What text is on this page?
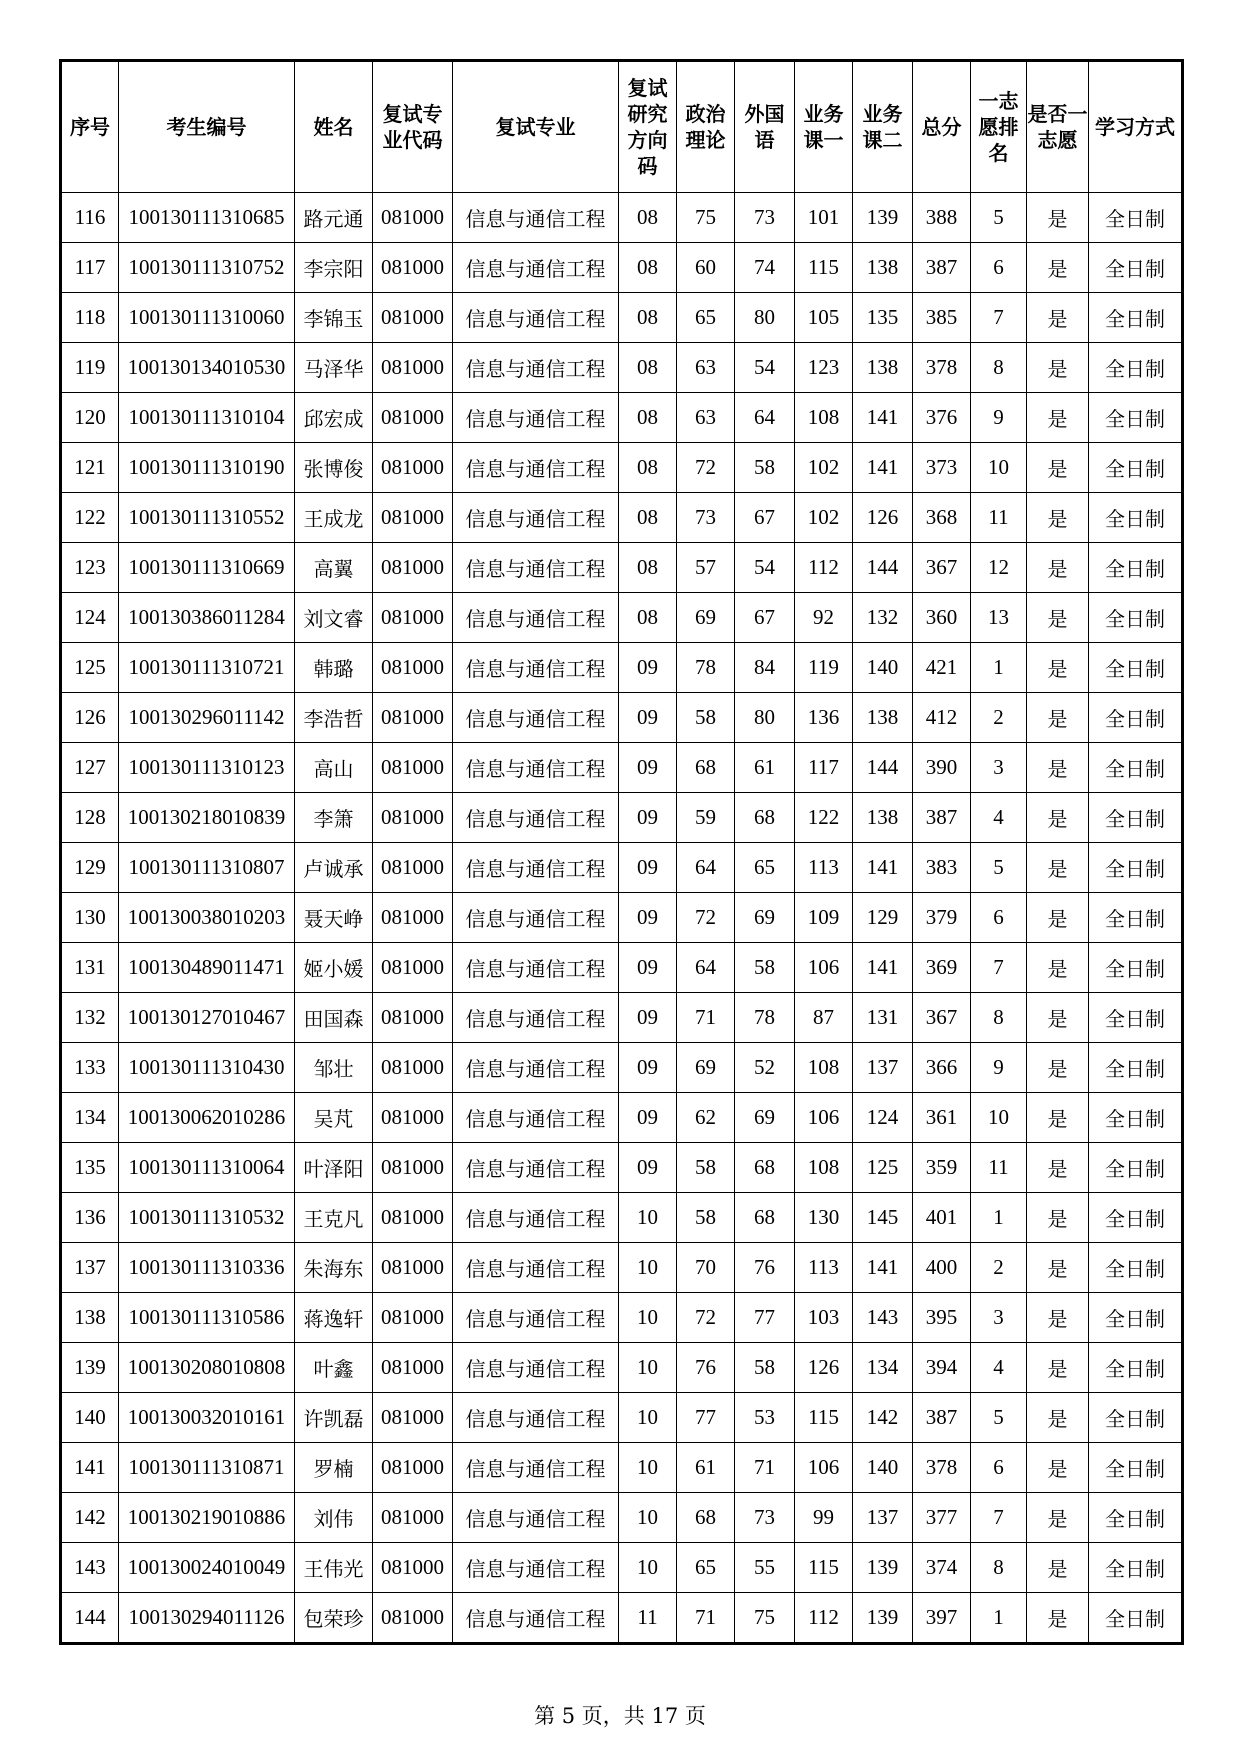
序号	考生编号	姓名	复试专业代码	复试专业	复试研究方向码	政治理论	外国语	业务课一	业务课二	总分	一志愿排名	是否一志愿	学习方式
116	100130111310685	路元通	081000	信息与通信工程	08	75	73	101	139	388	5	是	全日制
117	100130111310752	李宗阳	081000	信息与通信工程	08	60	74	115	138	387	6	是	全日制
118	100130111310060	李锦玉	081000	信息与通信工程	08	65	80	105	135	385	7	是	全日制
119	100130134010530	马泽华	081000	信息与通信工程	08	63	54	123	138	378	8	是	全日制
120	100130111310104	邱宏成	081000	信息与通信工程	08	63	64	108	141	376	9	是	全日制
121	100130111310190	张博俊	081000	信息与通信工程	08	72	58	102	141	373	10	是	全日制
122	100130111310552	王成龙	081000	信息与通信工程	08	73	67	102	126	368	11	是	全日制
123	100130111310669	高翼	081000	信息与通信工程	08	57	54	112	144	367	12	是	全日制
124	100130386011284	刘文睿	081000	信息与通信工程	08	69	67	92	132	360	13	是	全日制
125	100130111310721	韩璐	081000	信息与通信工程	09	78	84	119	140	421	1	是	全日制
126	100130296011142	李浩哲	081000	信息与通信工程	09	58	80	136	138	412	2	是	全日制
127	100130111310123	高山	081000	信息与通信工程	09	68	61	117	144	390	3	是	全日制
128	100130218010839	李箫	081000	信息与通信工程	09	59	68	122	138	387	4	是	全日制
129	100130111310807	卢诚承	081000	信息与通信工程	09	64	65	113	141	383	5	是	全日制
130	100130038010203	聂天峥	081000	信息与通信工程	09	72	69	109	129	379	6	是	全日制
131	100130489011471	姬小媛	081000	信息与通信工程	09	64	58	106	141	369	7	是	全日制
132	100130127010467	田国森	081000	信息与通信工程	09	71	78	87	131	367	8	是	全日制
133	100130111310430	邹壮	081000	信息与通信工程	09	69	52	108	137	366	9	是	全日制
134	100130062010286	吴芃	081000	信息与通信工程	09	62	69	106	124	361	10	是	全日制
135	100130111310064	叶泽阳	081000	信息与通信工程	09	58	68	108	125	359	11	是	全日制
136	100130111310532	王克凡	081000	信息与通信工程	10	58	68	130	145	401	1	是	全日制
137	100130111310336	朱海东	081000	信息与通信工程	10	70	76	113	141	400	2	是	全日制
138	100130111310586	蒋逸轩	081000	信息与通信工程	10	72	77	103	143	395	3	是	全日制
139	100130208010808	叶鑫	081000	信息与通信工程	10	76	58	126	134	394	4	是	全日制
140	100130032010161	许凯磊	081000	信息与通信工程	10	77	53	115	142	387	5	是	全日制
141	100130111310871	罗楠	081000	信息与通信工程	10	61	71	106	140	378	6	是	全日制
142	100130219010886	刘伟	081000	信息与通信工程	10	68	73	99	137	377	7	是	全日制
143	100130024010049	王伟光	081000	信息与通信工程	10	65	55	115	139	374	8	是	全日制
144	100130294011126	包荣珍	081000	信息与通信工程	11	71	75	112	139	397	1	是	全日制
第 5 页，共 17 页
